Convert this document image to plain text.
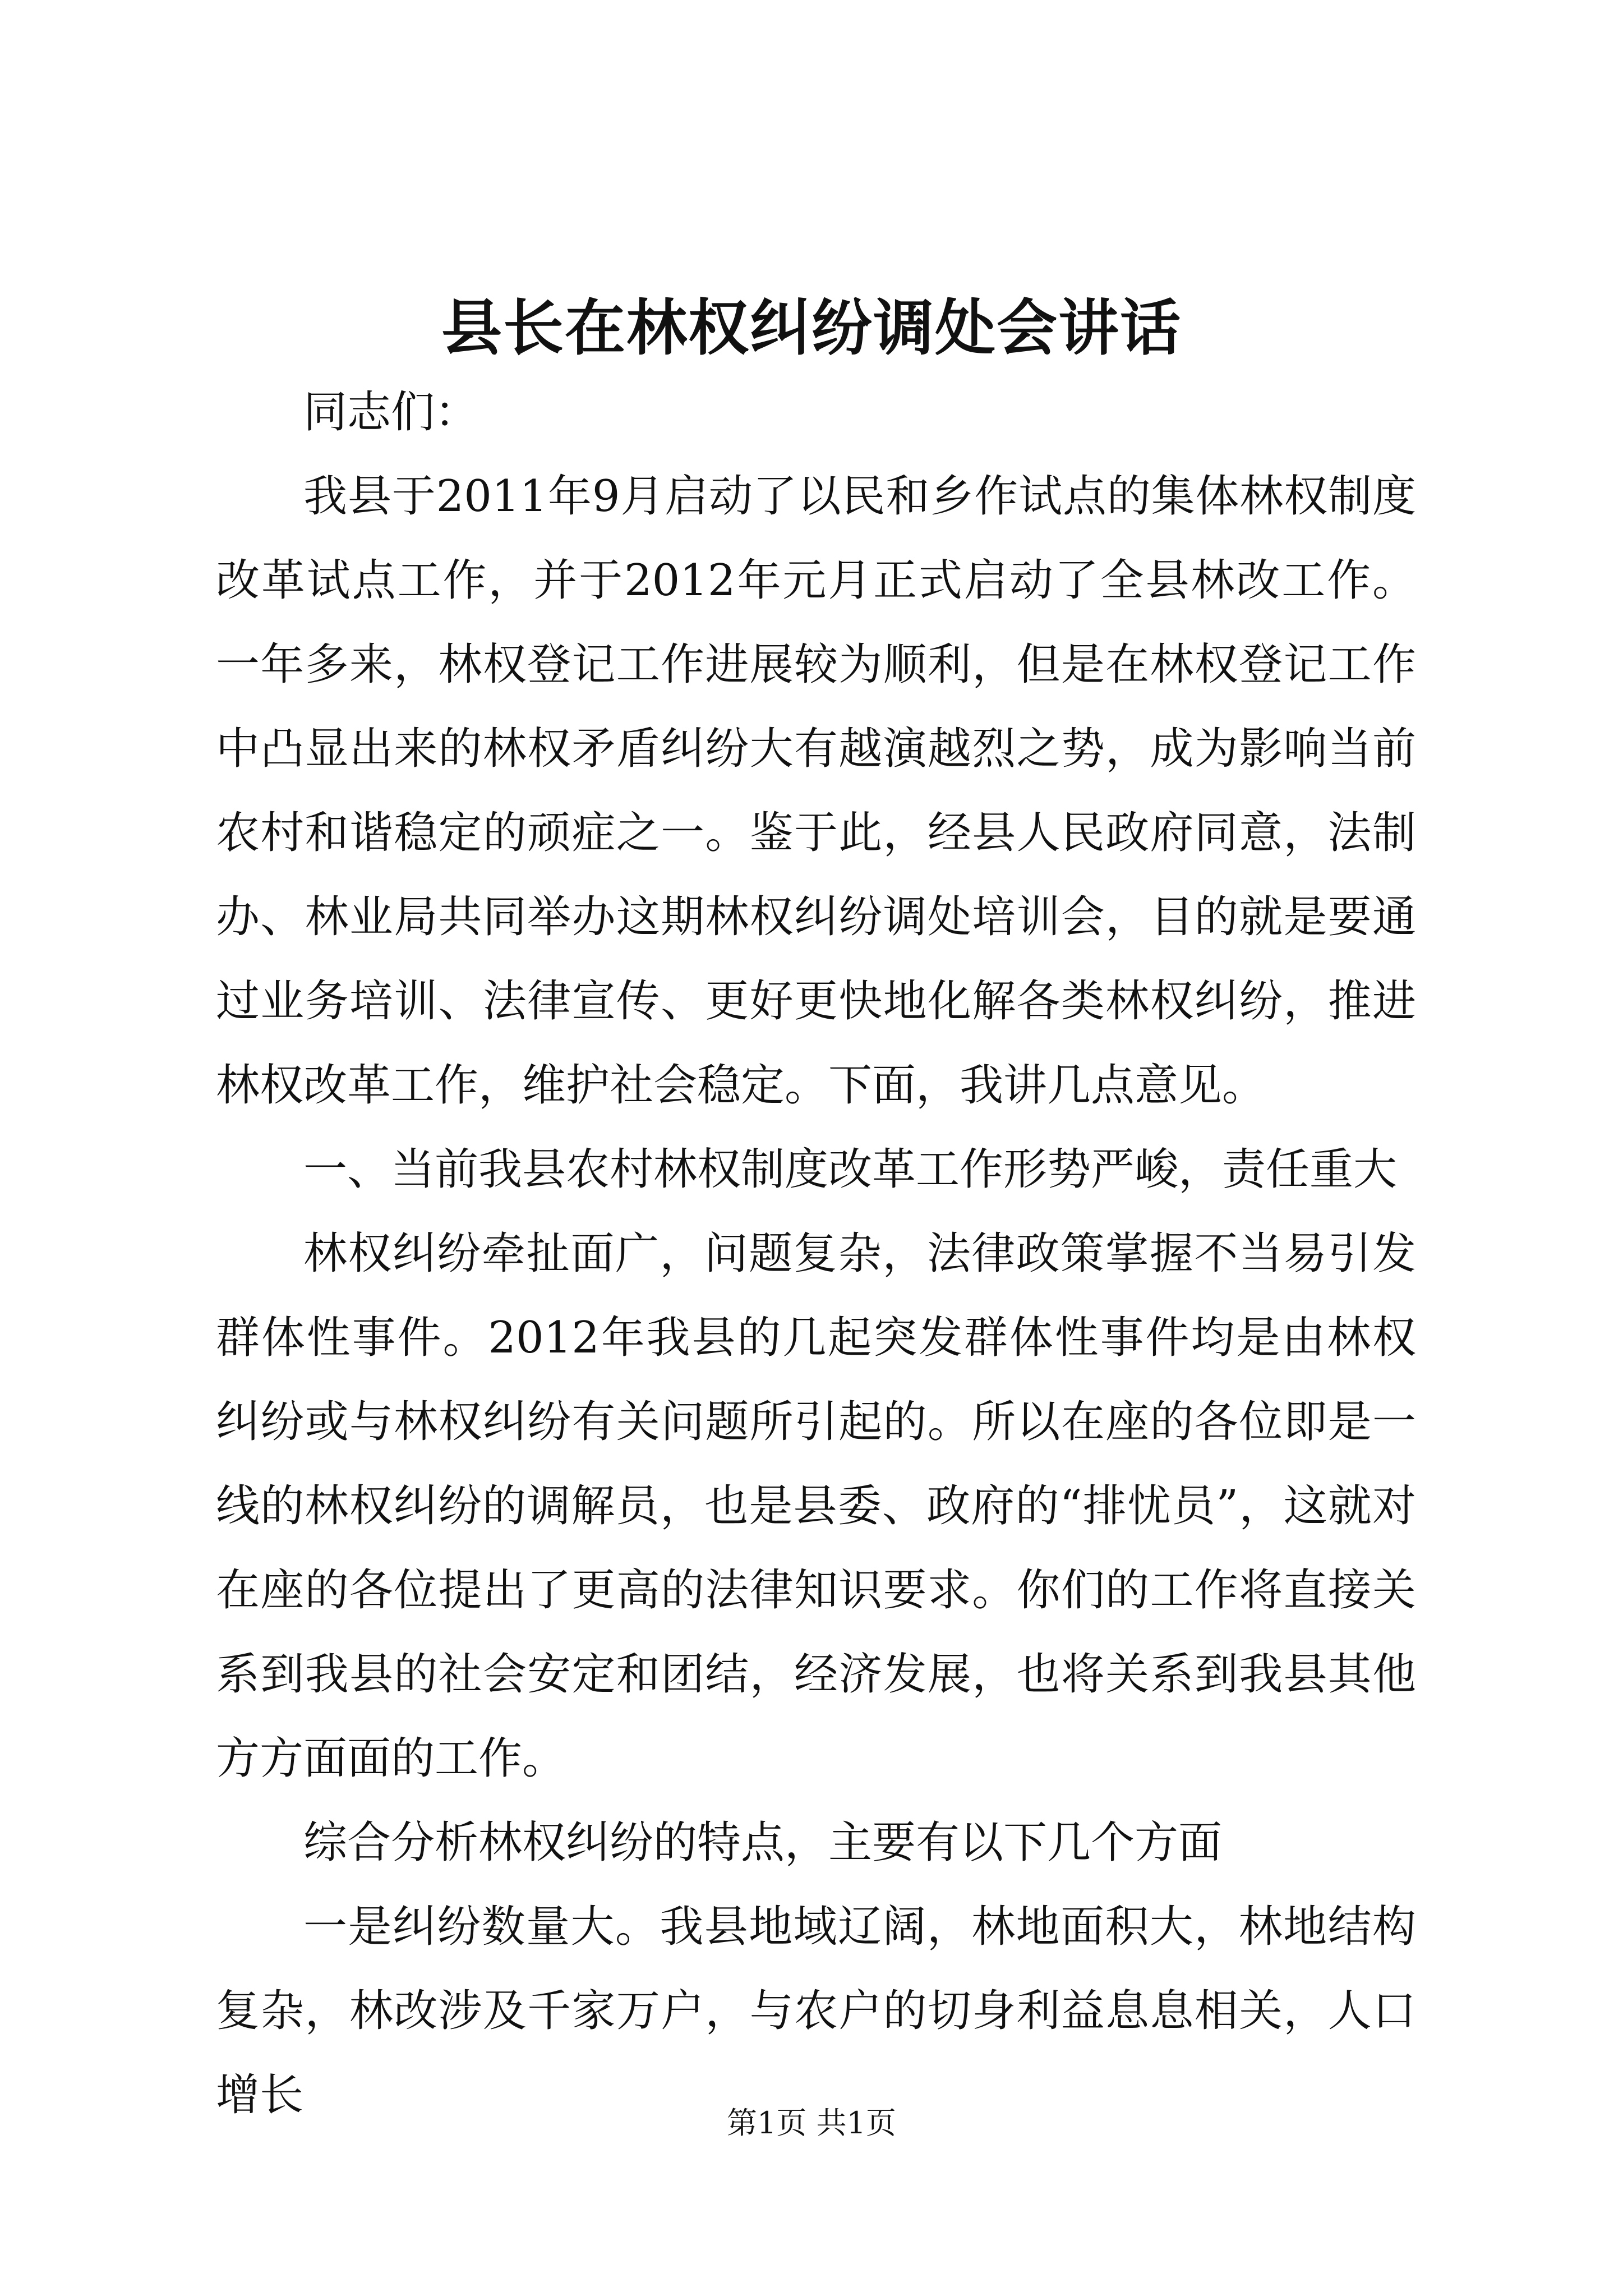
县长在林权纠纷调处会讲话

同志们：

我县于2011年9月启动了以民和乡作试点的集体林权制度改革试点工作，并于2012年元月正式启动了全县林改工作。一年多来，林权登记工作进展较为顺利，但是在林权登记工作中凸显出来的林权矛盾纠纷大有越演越烈之势，成为影响当前农村和谐稳定的顽症之一。鉴于此，经县人民政府同意，法制办、林业局共同举办这期林权纠纷调处培训会，目的就是要通过业务培训、法律宣传、更好更快地化解各类林权纠纷，推进林权改革工作，维护社会稳定。下面，我讲几点意见。

一、当前我县农村林权制度改革工作形势严峻，责任重大

林权纠纷牵扯面广，问题复杂，法律政策掌握不当易引发群体性事件。2012年我县的几起突发群体性事件均是由林权纠纷或与林权纠纷有关问题所引起的。所以在座的各位即是一线的林权纠纷的调解员，也是县委、政府的“排忧员”，这就对在座的各位提出了更高的法律知识要求。你们的工作将直接关系到我县的社会安定和团结，经济发展，也将关系到我县其他方方面面的工作。

综合分析林权纠纷的特点，主要有以下几个方面

一是纠纷数量大。我县地域辽阔，林地面积大，林地结构复杂，林改涉及千家万户，与农户的切身利益息息相关，人口增长

第1页 共1页
